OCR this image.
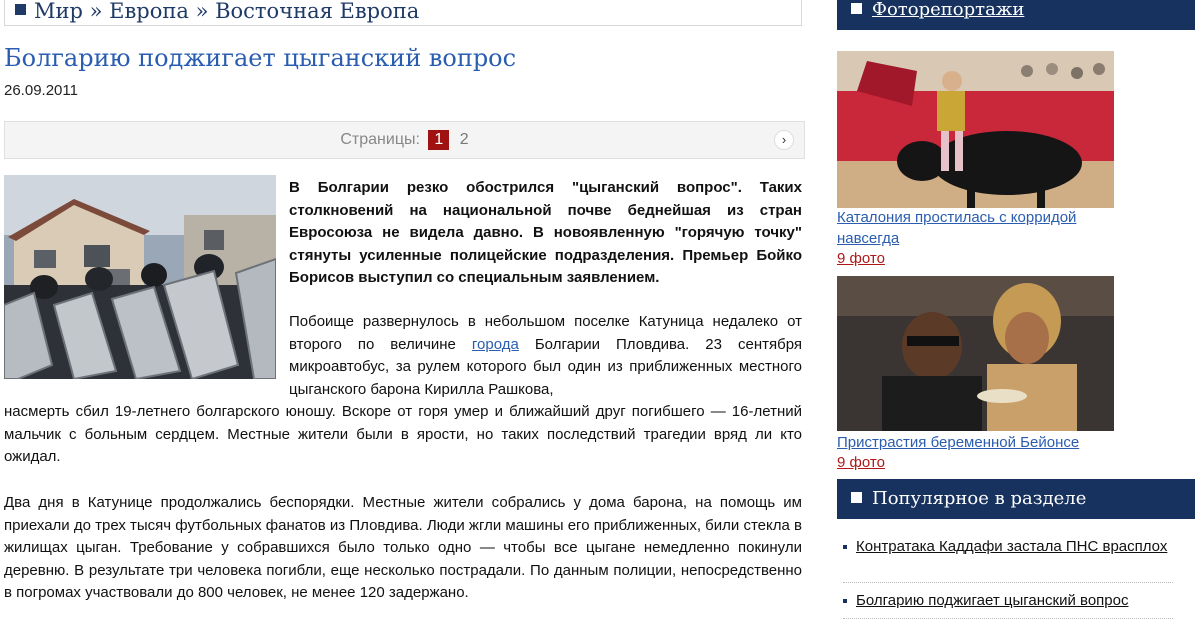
Мир » Европа » Восточная Европа
Болгарию поджигает цыганский вопрос
26.09.2011
Страницы: 1 2	›
В Болгарии резко обострился "цыганский вопрос". Таких столкновений на национальной почве беднейшая из стран Евросоюза не видела давно. В новоявленную "горячую точку" стянуты усиленные полицейские подразделения. Премьер Бойко Борисов выступил со специальным заявлением.
Побоище развернулось в небольшом поселке Катуница недалеко от второго по величине города Болгарии Пловдива. 23 сентября микроавтобус, за рулем которого был один из приближенных местного цыганского барона Кирилла Рашкова,
насмерть сбил 19-летнего болгарского юношу. Вскоре от горя умер и ближайший друг погибшего — 16-летний мальчик с больным сердцем. Местные жители были в ярости, но таких последствий трагедии вряд ли кто ожидал.
Два дня в Катунице продолжались беспорядки. Местные жители собрались у дома барона, на помощь им приехали до трех тысяч футбольных фанатов из Пловдива. Люди жгли машины его приближенных, били стекла в жилищах цыган. Требование у собравшихся было только одно — чтобы все цыгане немедленно покинули деревню. В результате три человека погибли, еще несколько пострадали. По данным полиции, непосредственно в погромах участвовали до 800 человек, не менее 120 задержано.
Фоторепортажи
Каталония простилась с корридой навсегда
9 фото
Пристрастия беременной Бейонсе
9 фото
Популярное в разделе
Контратака Каддафи застала ПНС врасплох
Болгарию поджигает цыганский вопрос
